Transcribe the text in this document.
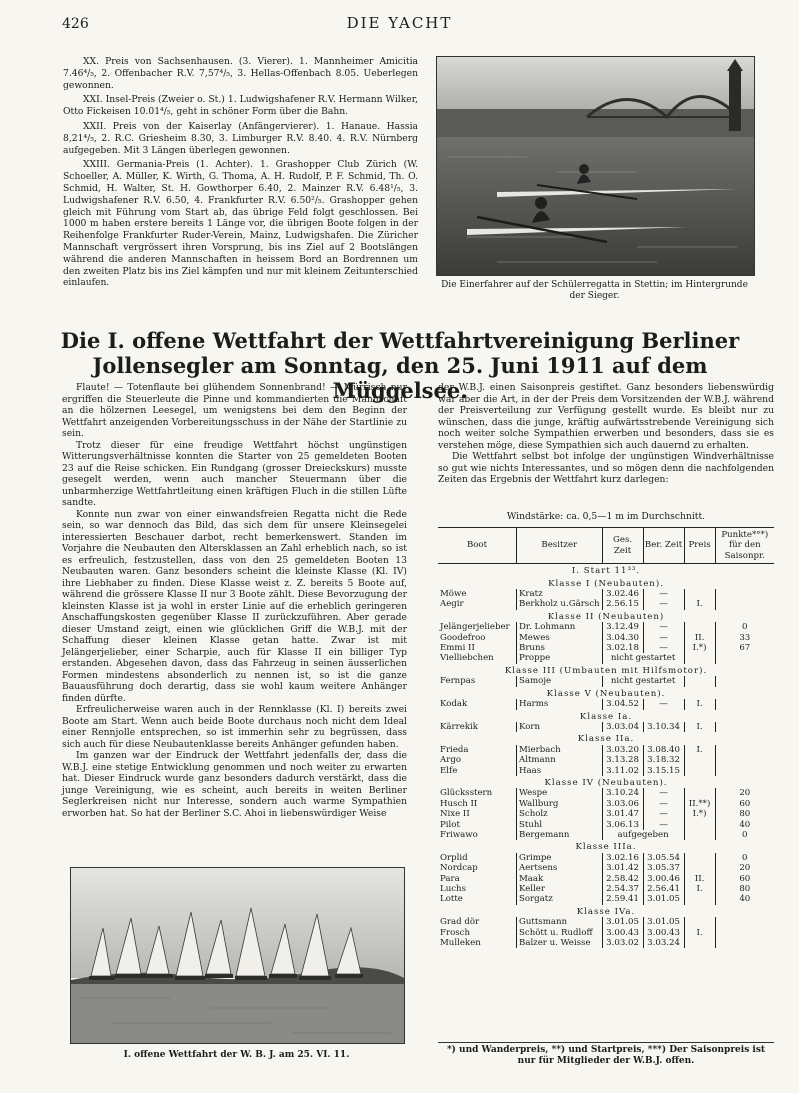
426	DIE YACHT

XX. Preis von Sachsenhausen. (3. Vierer). 1. Mannheimer Amicitia 7.46⁴/₅, 2. Offenbacher R.V. 7,57⁴/₅, 3. Hellas-Offenbach 8.05. Ueberlegen gewonnen.

XXI. Insel-Preis (Zweier o. St.) 1. Ludwigshafener R.V. Hermann Wilker, Otto Fickeisen 10.01⁴/₅, geht in schöner Form über die Bahn.

XXII. Preis von der Kaiserlay (Anfängervierer). 1. Hanaue. Hassia 8,21⁴/₅, 2. R.C. Griesheim 8.30, 3. Limburger R.V. 8.40. 4. R.V. Nürnberg aufgegeben. Mit 3 Längen überlegen gewonnen.

XXIII. Germania-Preis (1. Achter). 1. Grashopper Club Zürich (W. Schoeller, A. Müller, K. Wirth, G. Thoma, A. H. Rudolf, P. F. Schmid, Th. O. Schmid, H. Walter, St. H. Gowthorper 6.40, 2. Mainzer R.V. 6.48¹/₅, 3. Ludwigshafener R.V. 6.50, 4. Frankfurter R.V. 6.50²/₅. Grashopper gehen gleich mit Führung vom Start ab, das übrige Feld folgt geschlossen. Bei 1000 m haben erstere bereits 1 Länge vor, die übrigen Boote folgen in der Reihenfolge Frankfurter Ruder-Verein, Mainz, Ludwigshafen. Die Züricher Mannschaft vergrössert ihren Vorsprung, bis ins Ziel auf 2 Bootslängen während die anderen Mannschaften in heissem Bord an Bordrennen um den zweiten Platz bis ins Ziel kämpfen und nur mit kleinem Zeitunterschied einlaufen.	Die Einerfahrer auf der Schülerregatta in Stettin; im Hintergrunde der Sieger.
Die I. offene Wettfahrt der Wettfahrtvereinigung Berliner Jollensegler am Sonntag, den 25. Juni 1911 auf dem Müggelsee.

Flaute! — Totenflaute bei glühendem Sonnenbrand! — Mürrisch nur ergriffen die Steuerleute die Pinne und kommandierten die Mannschaft an die hölzernen Leesegel, um wenigstens bei dem den Beginn der Wettfahrt anzeigenden Vorbereitungsschuss in der Nähe der Startlinie zu sein.

Trotz dieser für eine freudige Wettfahrt höchst ungünstigen Witterungsverhältnisse konnten die Starter von 25 gemeldeten Booten 23 auf die Reise schicken. Ein Rundgang (grosser Dreieckskurs) musste gesegelt werden, wenn auch mancher Steuermann über die unbarmherzige Wettfahrtleitung einen kräftigen Fluch in die stillen Lüfte sandte.

Konnte nun zwar von einer einwandsfreien Regatta nicht die Rede sein, so war dennoch das Bild, das sich dem für unsere Kleinsegelei interessierten Beschauer darbot, recht bemerkenswert. Standen im Vorjahre die Neubauten den Altersklassen an Zahl erheblich nach, so ist es erfreulich, festzustellen, dass von den 25 gemeldeten Booten 13 Neubauten waren. Ganz besonders scheint die kleinste Klasse (Kl. IV) ihre Liebhaber zu finden. Diese Klasse weist z. Z. bereits 5 Boote auf, während die grössere Klasse II nur 3 Boote zählt. Diese Bevorzugung der kleinsten Klasse ist ja wohl in erster Linie auf die erheblich geringeren Anschaffungskosten gegenüber Klasse II zurückzuführen. Aber gerade dieser Umstand zeigt, einen wie glücklichen Griff die W.B.J. mit der Schaffung dieser kleinen Klasse getan hatte. Zwar ist mit Jelängerjelieber, einer Scharpie, auch für Klasse II ein billiger Typ erstanden. Abgesehen davon, dass das Fahrzeug in seinen äusserlichen Formen mindestens absonderlich zu nennen ist, so ist die ganze Bauausführung doch derartig, dass sie wohl kaum weitere Anhänger finden dürfte.

Erfreulicherweise waren auch in der Rennklasse (Kl. I) bereits zwei Boote am Start. Wenn auch beide Boote durchaus noch nicht dem Ideal einer Rennjolle entsprechen, so ist immerhin sehr zu begrüssen, dass sich auch für diese Neubautenklasse bereits Anhänger gefunden haben.

Im ganzen war der Eindruck der Wettfahrt jedenfalls der, dass die W.B.J. eine stetige Entwicklung genommen und noch weiter zu erwarten hat. Dieser Eindruck wurde ganz besonders dadurch verstärkt, dass die junge Vereinigung, wie es scheint, auch bereits in weiten Berliner Seglerkreisen nicht nur Interesse, sondern auch warme Sympathien erworben hat. So hat der Berliner S.C. Ahoi in liebenswürdiger Weise

I. offene Wettfahrt der W. B. J. am 25. VI. 11.

der W.B.J. einen Saisonpreis gestiftet. Ganz besonders liebenswürdig war aber die Art, in der der Preis dem Vorsitzenden der W.B.J. während der Preisverteilung zur Verfügung gestellt wurde. Es bleibt nur zu wünschen, dass die junge, kräftig aufwärtsstrebende Vereinigung sich noch weiter solche Sympathien erwerben und besonders, dass sie es verstehen möge, diese Sympathien sich auch dauernd zu erhalten.

Die Wettfahrt selbst bot infolge der ungünstigen Windverhältnisse so gut wie nichts Interessantes, und so mögen denn die nachfolgenden Zeiten das Ergebnis der Wettfahrt kurz darlegen:

Windstärke: ca. 0,5—1 m im Durchschnitt.
Boot	Besitzer	Ges. Zeit	Ber. Zeit	Preis	Punkte*°*) für den Saisonpr.
I. Start 11³³.					
Klasse I (Neubauten).					
Möwe	Kratz	3.02.46	—		
Aegir	Berkholz u.Gärsch	2.56.15	—	I.	
Klasse II (Neubauten)					
Jelängerjelieber	Dr. Lohmann	3.12.49	—		0
Goodefroo	Mewes	3.04.30	—	II.	33
Emmi II	Bruns	3.02.18	—	I.*)	67
Vielliebchen	Proppe	nicht gestartet			
Klasse III (Umbauten mit Hilfsmotor).					
Fernpas	Samoje	nicht gestartet			
Klasse V (Neubauten).					
Kodak	Harms	3.04.52	—	I.	
Klasse Ia.					
Kärrekik	Korn	3.03.04	3.10.34	I.	
Klasse IIa.					
Frieda	Mierbach	3.03.20	3.08.40	I.	
Argo	Altmann	3.13.28	3.18.32		
Elfe	Haas	3.11.02	3.15.15		
Klasse IV (Neubauten).					
Glücksstern	Wespe	3.10.24	—		20
Husch II	Wallburg	3.03.06	—	II.**)	60
Nixe II	Scholz	3.01.47	—	I.*)	80
Pilot	Stuhl	3.06.13	—		40
Friwawo	Bergemann	aufgegeben			0
Klasse IIIa.					
Orplid	Grimpe	3.02.16	3.05.54		0
Nordcap	Aertsens	3.01.42	3.05.37		20
Para	Maak	2.58.42	3.00.46	II.	60
Luchs	Keller	2.54.37	2.56.41	I.	80
Lotte	Sorgatz	2.59.41	3.01.05		40
Klasse IVa.					
Grad dör	Guttsmann	3.01.05	3.01.05		
Frosch	Schött u. Rudloff	3.00.43	3.00.43	I.	
Mulleken	Balzer u. Weisse	3.03.02	3.03.24		
*) und Wanderpreis, **) und Startpreis, ***) Der Saisonpreis ist nur für Mitglieder der W.B.J. offen.
